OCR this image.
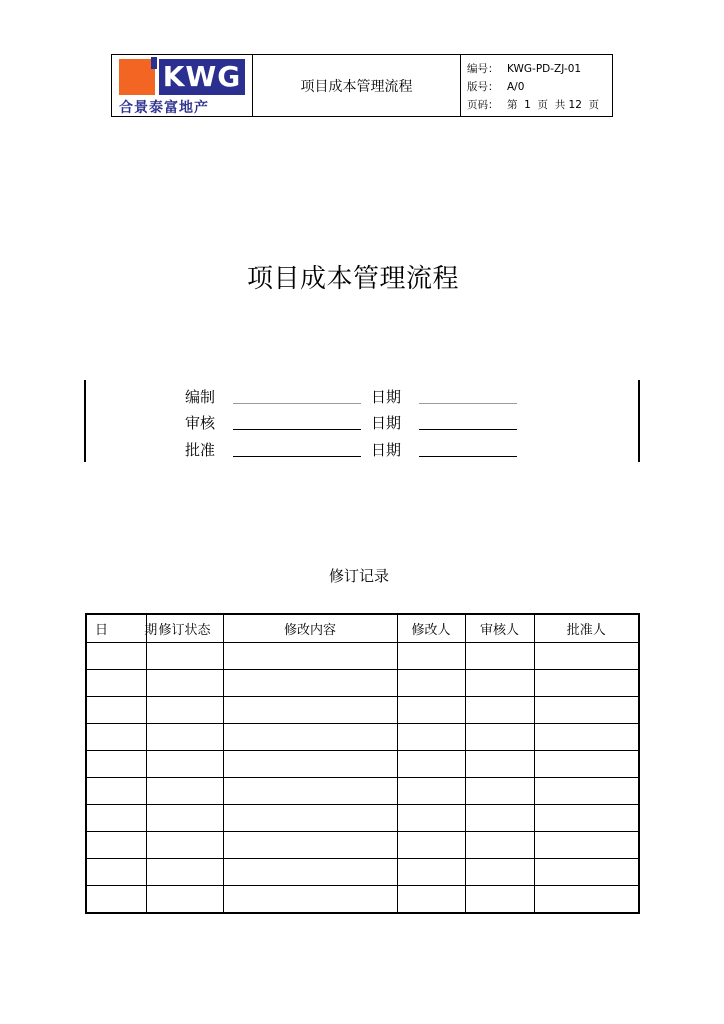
KWG
合景泰富地产
项目成本管理流程
编号： KWG-PD-ZJ-01
版号： A/0
页码： 第  1  页  共 12  页
项目成本管理流程
编制	日期
审核	日期
批准	日期
修订记录
日  期	修订状态	修改内容	修改人	审核人	批准人
